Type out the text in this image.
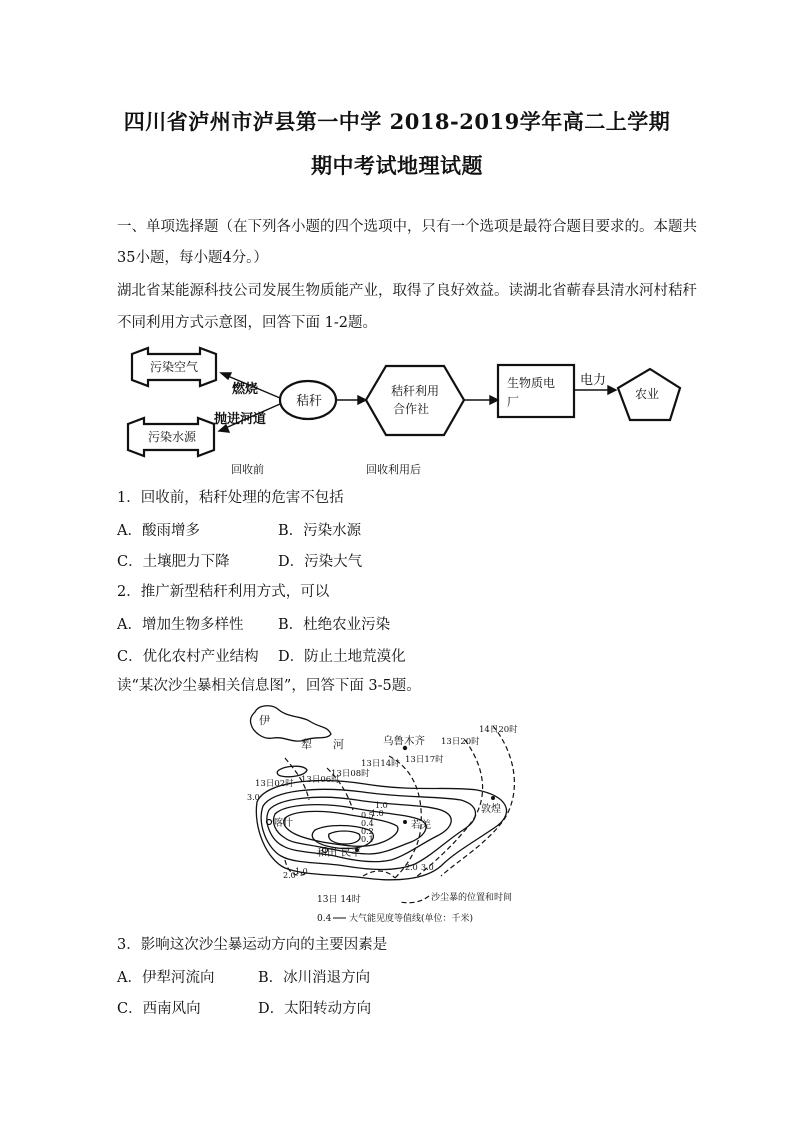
四川省泸州市泸县第一中学 2018-2019学年高二上学期
期中考试地理试题
一、单项选择题（在下列各小题的四个选项中，只有一个选项是最符合题目要求的。本题共
35小题，每小题4分。）
湖北省某能源科技公司发展生物质能产业，取得了良好效益。读湖北省蕲春县清水河村秸秆
不同利用方式示意图，回答下面 1-2题。
污染空气
污染水源
燃烧
抛进河道
秸秆
秸秆利用
合作社
生物质电
厂
电力
农业
回收前	回收利用后
1．回收前，秸秆处理的危害不包括
A．酸雨增多	B．污染水源
C．土壤肥力下降	D．污染大气
2．推广新型秸秆利用方式，可以
A．增加生物多样性 B．杜绝农业污染
C．优化农村产业结构 D．防止土地荒漠化
读“某次沙尘暴相关信息图”，回答下面 3-5题。
伊
犁 河	乌鲁木齐
13日02时 13日06时
13日08时
13日14时 13日17时
13日20时
14日20时
喀什	若羌
敦煌
和田 民丰
3.0
1.0
0.5
0.4
0.2
0.1
1.0
2.0 1.0	2.0 3.0
13日 14时	沙尘暴的位置和时间
0.4 大气能见度等值线(单位：千米)
3．影响这次沙尘暴运动方向的主要因素是
A．伊犁河流向	B．冰川消退方向
C．西南风向	D．太阳转动方向
